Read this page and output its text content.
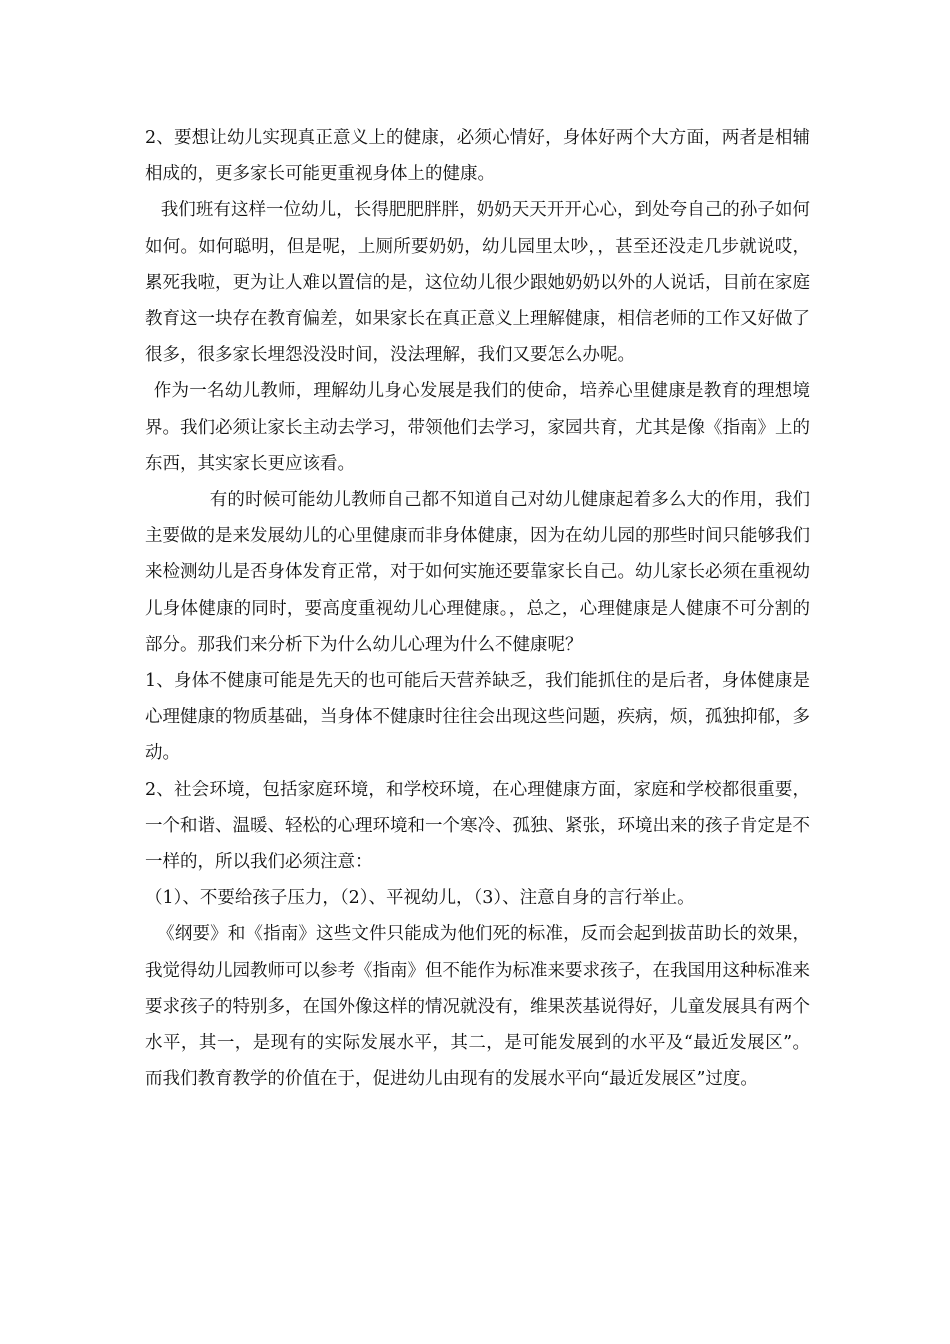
2、要想让幼儿实现真正意义上的健康，必须心情好，身体好两个大方面，两者是相辅相成的，更多家长可能更重视身体上的健康。

我们班有这样一位幼儿，长得肥肥胖胖，奶奶天天开开心心，到处夸自己的孙子如何如何。如何聪明，但是呢，上厕所要奶奶，幼儿园里太吵，，甚至还没走几步就说哎，累死我啦，更为让人难以置信的是，这位幼儿很少跟她奶奶以外的人说话，目前在家庭教育这一块存在教育偏差，如果家长在真正意义上理解健康，相信老师的工作又好做了很多，很多家长埋怨没没时间，没法理解，我们又要怎么办呢。

作为一名幼儿教师，理解幼儿身心发展是我们的使命，培养心里健康是教育的理想境界。我们必须让家长主动去学习，带领他们去学习，家园共育，尤其是像《指南》上的东西，其实家长更应该看。

有的时候可能幼儿教师自己都不知道自己对幼儿健康起着多么大的作用，我们主要做的是来发展幼儿的心里健康而非身体健康，因为在幼儿园的那些时间只能够我们来检测幼儿是否身体发育正常，对于如何实施还要靠家长自己。幼儿家长必须在重视幼儿身体健康的同时，要高度重视幼儿心理健康。，总之，心理健康是人健康不可分割的部分。那我们来分析下为什么幼儿心理为什么不健康呢？

1、身体不健康可能是先天的也可能后天营养缺乏，我们能抓住的是后者，身体健康是心理健康的物质基础，当身体不健康时往往会出现这些问题，疾病，烦，孤独抑郁，多动。

2、社会环境，包括家庭环境，和学校环境，在心理健康方面，家庭和学校都很重要，一个和谐、温暖、轻松的心理环境和一个寒冷、孤独、紧张，环境出来的孩子肯定是不一样的，所以我们必须注意：

（1）、不要给孩子压力，（2）、平视幼儿，（3）、注意自身的言行举止。

《纲要》和《指南》这些文件只能成为他们死的标准，反而会起到拔苗助长的效果，我觉得幼儿园教师可以参考《指南》但不能作为标准来要求孩子，在我国用这种标准来要求孩子的特别多，在国外像这样的情况就没有，维果茨基说得好，儿童发展具有两个水平，其一，是现有的实际发展水平，其二，是可能发展到的水平及“最近发展区”。而我们教育教学的价值在于，促进幼儿由现有的发展水平向“最近发展区”过度。
